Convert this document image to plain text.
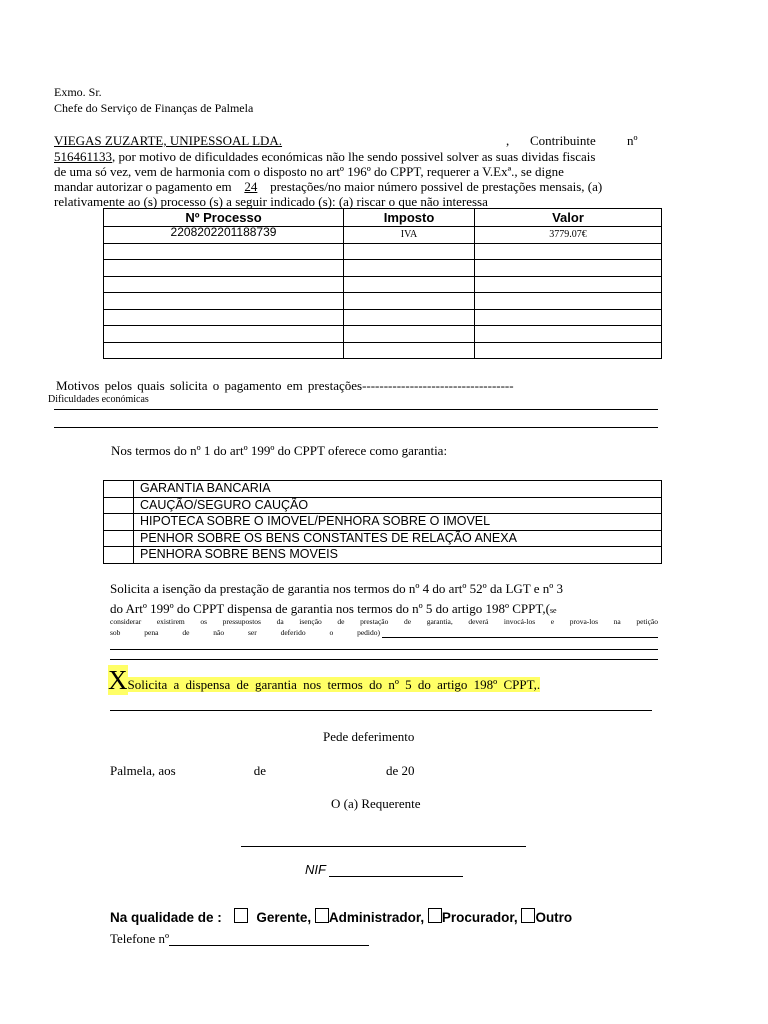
Exmo. Sr.
Chefe do Serviço de Finanças de Palmela
VIEGAS ZUZARTE, UNIPESSOAL LDA.	, Contribuinte nº
516461133, por motivo de dificuldades económicas não lhe sendo possivel solver as suas dividas fiscais
de uma só vez, vem de harmonia com o disposto no artº 196º do CPPT, requerer a V.Exª., se digne
mandar autorizar o pagamento em 24 prestações/no maior número possivel de prestações mensais, (a)
relativamente ao (s) processo (s) a seguir indicado (s): (a) riscar o que não interessa
Nº Processo	Imposto	Valor
2208202201188739	IVA	3779.07€

Motivos pelos quais solicita o pagamento em prestações-----------------------------------
Dificuldades económicas
Nos termos do nº 1 do artº 199º do CPPT oferece como garantia:
	GARANTIA BANCARIA
	CAUÇÃO/SEGURO CAUÇÃO
	HIPOTECA SOBRE O IMOVEL/PENHORA SOBRE O IMOVEL
	PENHOR SOBRE OS BENS CONSTANTES DE RELAÇÃO ANEXA
	PENHORA SOBRE BENS MOVEIS
Solicita a isenção da prestação de garantia nos termos do nº 4 do artº 52º da LGT e nº 3
do Artº 199º do CPPT dispensa de garantia nos termos do nº 5 do artigo 198º CPPT,(se
considerar existirem os pressupostos da isenção de prestação de garantia, deverá invocá-los e prova-los na petição
sob pena de não ser deferido o pedido)
XSolicita a dispensa de garantia nos termos do nº 5 do artigo 198º CPPT,.
Pede deferimento
Palmela, aos	de	de 20
O (a) Requerente
NIF
Na qualidade de :	Gerente, Administrador, Procurador, Outro
Telefone nº
